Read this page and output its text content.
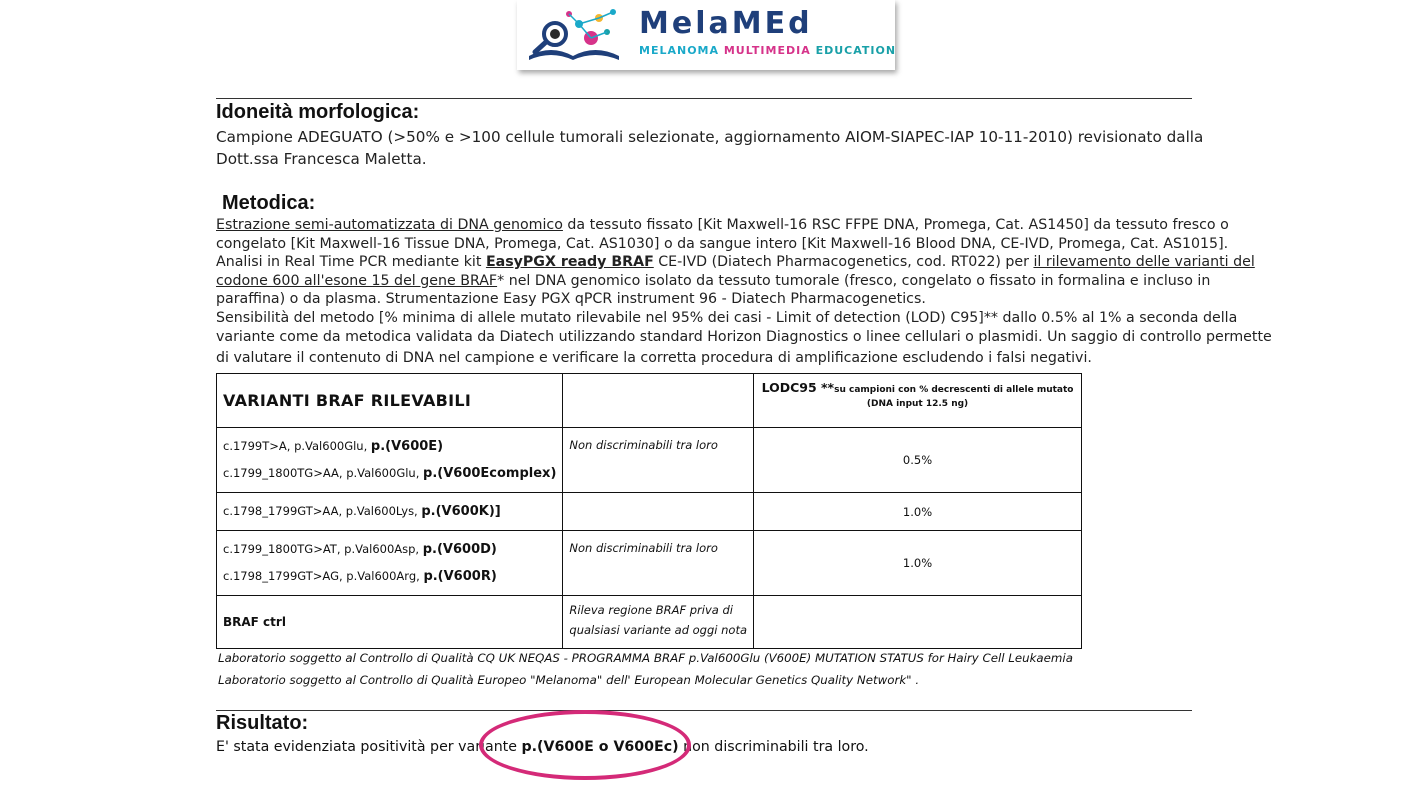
MelaMEd
MELANOMA MULTIMEDIA EDUCATION
Idoneità morfologica:
Campione ADEGUATO (>50% e >100 cellule tumorali selezionate, aggiornamento AIOM-SIAPEC-IAP 10-11-2010) revisionato dalla
Dott.ssa Francesca Maletta.
Metodica:
Estrazione semi-automatizzata di DNA genomico da tessuto fissato [Kit Maxwell-16 RSC FFPE DNA, Promega, Cat. AS1450] da tessuto fresco o
congelato [Kit Maxwell-16 Tissue DNA, Promega, Cat. AS1030] o da sangue intero [Kit Maxwell-16 Blood DNA, CE-IVD, Promega, Cat. AS1015].
Analisi in Real Time PCR mediante kit EasyPGX ready BRAF CE-IVD (Diatech Pharmacogenetics, cod. RT022) per il rilevamento delle varianti del
codone 600 all'esone 15 del gene BRAF* nel DNA genomico isolato da tessuto tumorale (fresco, congelato o fissato in formalina e incluso in
paraffina) o da plasma. Strumentazione Easy PGX qPCR instrument 96 - Diatech Pharmacogenetics.
Sensibilità del metodo [% minima di allele mutato rilevabile nel 95% dei casi - Limit of detection (LOD) C95]** dallo 0.5% al 1% a seconda della
variante come da metodica validata da Diatech utilizzando standard Horizon Diagnostics o linee cellulari o plasmidi. Un saggio di controllo permette
di valutare il contenuto di DNA nel campione e verificare la corretta procedura di amplificazione escludendo i falsi negativi.
VARIANTI BRAF RILEVABILI		LODC95 **su campioni con % decrescenti di allele mutato
(DNA input 12.5 ng)

c.1799T>A, p.Val600Glu, p.(V600E)
c.1799_1800TG>AA, p.Val600Glu, p.(V600Ecomplex)	Non discriminabili tra loro	0.5%

c.1798_1799GT>AA, p.Val600Lys, p.(V600K)]		1.0%

c.1799_1800TG>AT, p.Val600Asp, p.(V600D)
c.1798_1799GT>AG, p.Val600Arg, p.(V600R)	Non discriminabili tra loro	1.0%
BRAF ctrl	Rileva regione BRAF priva di
qualsiasi variante ad oggi nota	

Laboratorio soggetto al Controllo di Qualità CQ UK NEQAS - PROGRAMMA BRAF p.Val600Glu (V600E) MUTATION STATUS for Hairy Cell Leukaemia
Laboratorio soggetto al Controllo di Qualità Europeo "Melanoma" dell' European Molecular Genetics Quality Network" .
Risultato:
E' stata evidenziata positività per variante p.(V600E o V600Ec) non discriminabili tra loro.
